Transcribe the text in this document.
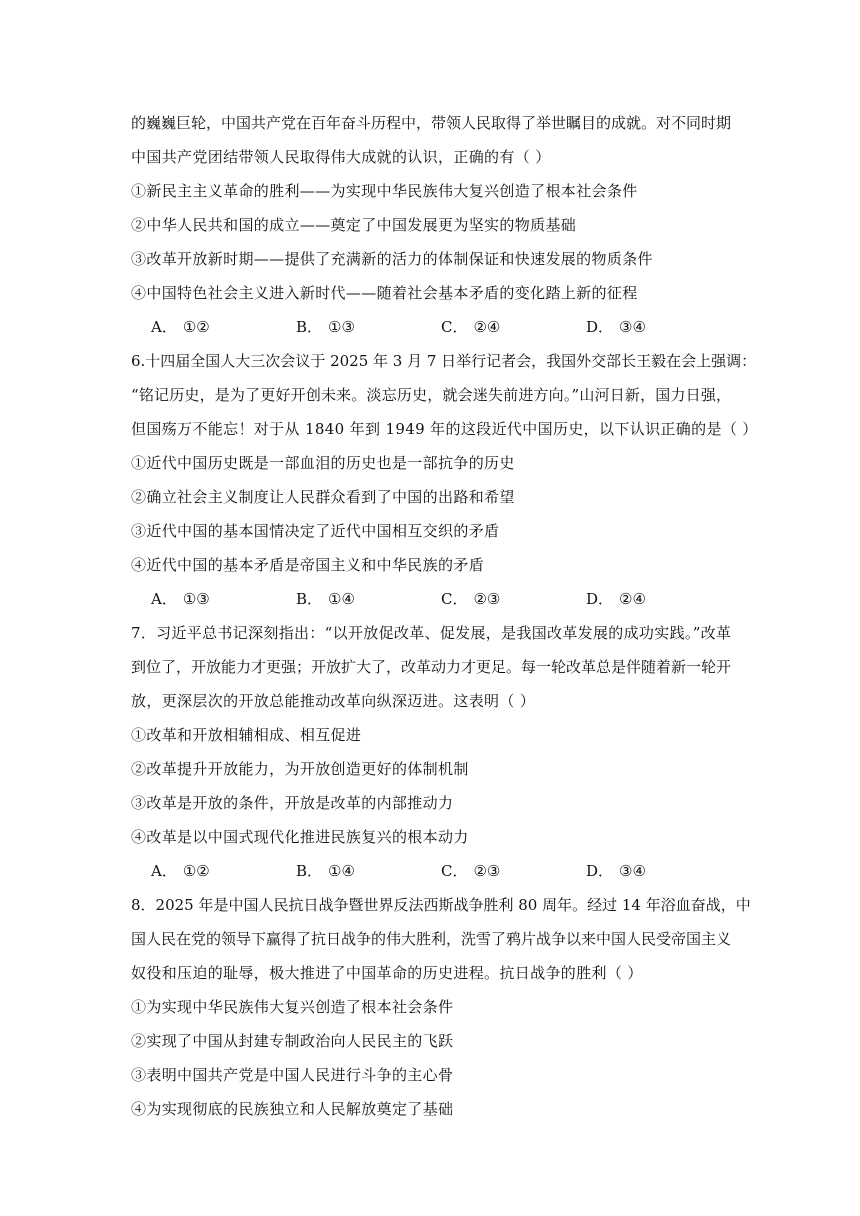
的巍巍巨轮，中国共产党在百年奋斗历程中，带领人民取得了举世瞩目的成就。对不同时期
中国共产党团结带领人民取得伟大成就的认识，正确的有（ ）
①新民主主义革命的胜利——为实现中华民族伟大复兴创造了根本社会条件
②中华人民共和国的成立——奠定了中国发展更为坚实的物质基础
③改革开放新时期——提供了充满新的活力的体制保证和快速发展的物质条件
④中国特色社会主义进入新时代——随着社会基本矛盾的变化踏上新的征程
A． ①②	B． ①③	C． ②④	D． ③④
6.十四届全国人大三次会议于 2025 年 3 月 7 日举行记者会，我国外交部长王毅在会上强调：
“铭记历史，是为了更好开创未来。淡忘历史，就会迷失前进方向。”山河日新，国力日强，
但国殇万不能忘！对于从 1840 年到 1949 年的这段近代中国历史，以下认识正确的是（ ）
①近代中国历史既是一部血泪的历史也是一部抗争的历史
②确立社会主义制度让人民群众看到了中国的出路和希望
③近代中国的基本国情决定了近代中国相互交织的矛盾
④近代中国的基本矛盾是帝国主义和中华民族的矛盾
A． ①③	B． ①④	C． ②③	D． ②④
7．习近平总书记深刻指出：“以开放促改革、促发展，是我国改革发展的成功实践。”改革
到位了，开放能力才更强；开放扩大了，改革动力才更足。每一轮改革总是伴随着新一轮开
放，更深层次的开放总能推动改革向纵深迈进。这表明（ ）
①改革和开放相辅相成、相互促进
②改革提升开放能力，为开放创造更好的体制机制
③改革是开放的条件，开放是改革的内部推动力
④改革是以中国式现代化推进民族复兴的根本动力
A． ①②	B． ①④	C． ②③	D． ③④
8．2025 年是中国人民抗日战争暨世界反法西斯战争胜利 80 周年。经过 14 年浴血奋战，中
国人民在党的领导下赢得了抗日战争的伟大胜利，洗雪了鸦片战争以来中国人民受帝国主义
奴役和压迫的耻辱，极大推进了中国革命的历史进程。抗日战争的胜利（ ）
①为实现中华民族伟大复兴创造了根本社会条件
②实现了中国从封建专制政治向人民民主的飞跃
③表明中国共产党是中国人民进行斗争的主心骨
④为实现彻底的民族独立和人民解放奠定了基础
